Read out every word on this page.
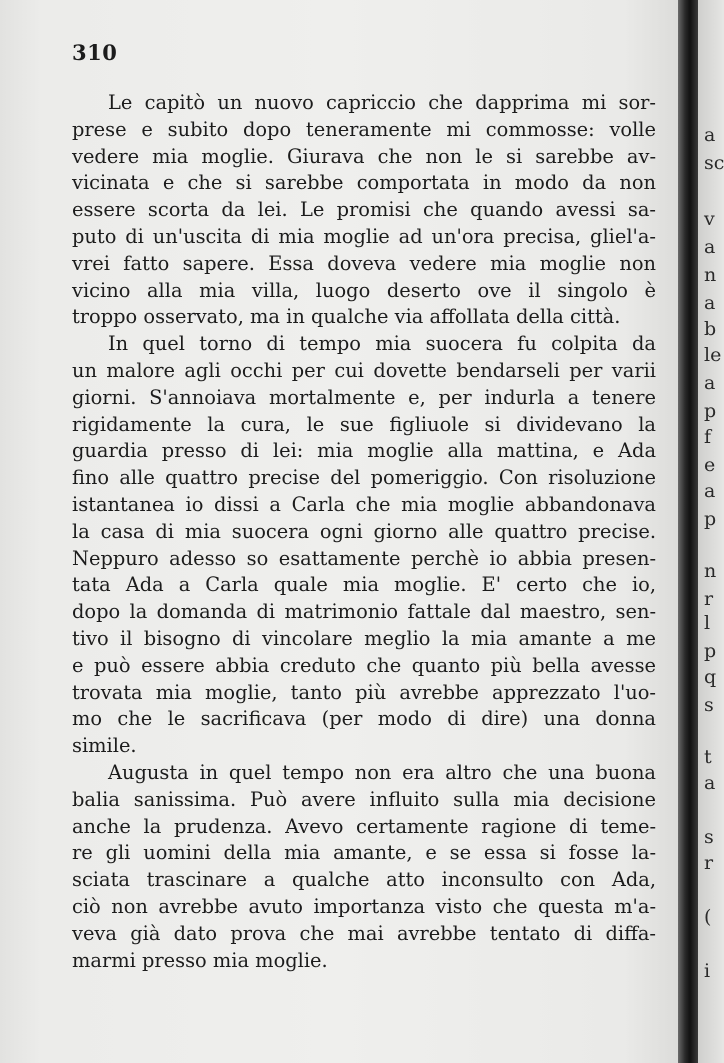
310
Le capitò un nuovo capriccio che dapprima mi sor-
prese e subito dopo teneramente mi commosse: volle
vedere mia moglie. Giurava che non le si sarebbe av-
vicinata e che si sarebbe comportata in modo da non
essere scorta da lei. Le promisi che quando avessi sa-
puto di un'uscita di mia moglie ad un'ora precisa, gliel'a-
vrei fatto sapere. Essa doveva vedere mia moglie non
vicino alla mia villa, luogo deserto ove il singolo è
troppo osservato, ma in qualche via affollata della città.
In quel torno di tempo mia suocera fu colpita da
un malore agli occhi per cui dovette bendarseli per varii
giorni. S'annoiava mortalmente e, per indurla a tenere
rigidamente la cura, le sue figliuole si dividevano la
guardia presso di lei: mia moglie alla mattina, e Ada
fino alle quattro precise del pomeriggio. Con risoluzione
istantanea io dissi a Carla che mia moglie abbandonava
la casa di mia suocera ogni giorno alle quattro precise.
Neppuro adesso so esattamente perchè io abbia presen-
tata Ada a Carla quale mia moglie. E' certo che io,
dopo la domanda di matrimonio fattale dal maestro, sen-
tivo il bisogno di vincolare meglio la mia amante a me
e può essere abbia creduto che quanto più bella avesse
trovata mia moglie, tanto più avrebbe apprezzato l'uo-
mo che le sacrificava (per modo di dire) una donna
simile.
Augusta in quel tempo non era altro che una buona
balia sanissima. Può avere influito sulla mia decisione
anche la prudenza. Avevo certamente ragione di teme-
re gli uomini della mia amante, e se essa si fosse la-
sciata trascinare a qualche atto inconsulto con Ada,
ciò non avrebbe avuto importanza visto che questa m'a-
veva già dato prova che mai avrebbe tentato di diffa-
marmi presso mia moglie.
a
sc
v
a
n
a
b
le
a
p
f
e
a
p
n
r
l
p
q
s
t
a
s
r
(
i
